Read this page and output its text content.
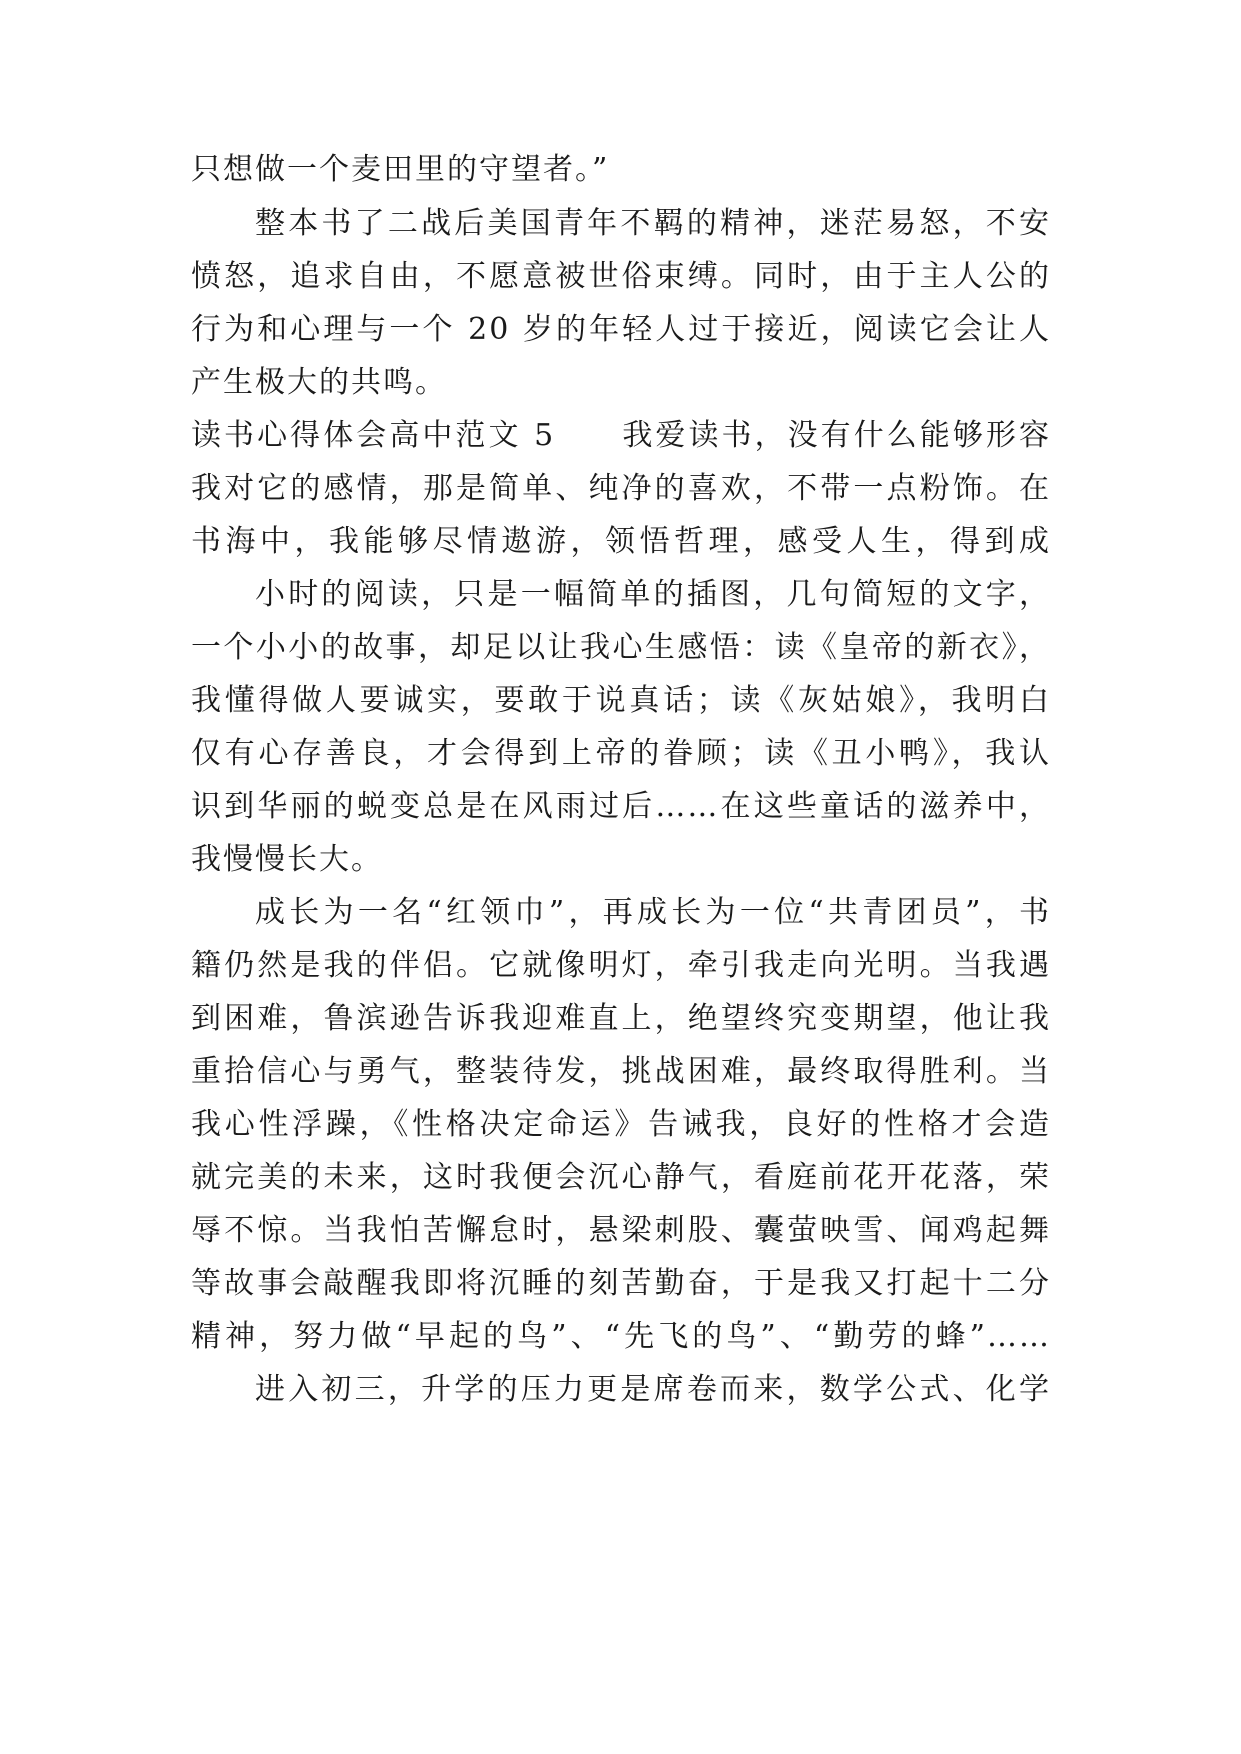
只想做一个麦田里的守望者。”
整本书了二战后美国青年不羁的精神，迷茫易怒，不安
愤怒，追求自由，不愿意被世俗束缚。同时，由于主人公的
行为和心理与一个 20 岁的年轻人过于接近，阅读它会让人
产生极大的共鸣。
读书心得体会高中范文 5　　我爱读书，没有什么能够形容
我对它的感情，那是简单、纯净的喜欢，不带一点粉饰。在
书海中，我能够尽情遨游，领悟哲理，感受人生，得到成
小时的阅读，只是一幅简单的插图，几句简短的文字，
一个小小的故事，却足以让我心生感悟：读《皇帝的新衣》，
我懂得做人要诚实，要敢于说真话；读《灰姑娘》，我明白
仅有心存善良，才会得到上帝的眷顾；读《丑小鸭》，我认
识到华丽的蜕变总是在风雨过后……在这些童话的滋养中，
我慢慢长大。
成长为一名“红领巾”，再成长为一位“共青团员”，书
籍仍然是我的伴侣。它就像明灯，牵引我走向光明。当我遇
到困难，鲁滨逊告诉我迎难直上，绝望终究变期望，他让我
重拾信心与勇气，整装待发，挑战困难，最终取得胜利。当
我心性浮躁，《性格决定命运》告诫我，良好的性格才会造
就完美的未来，这时我便会沉心静气，看庭前花开花落，荣
辱不惊。当我怕苦懈怠时，悬梁刺股、囊萤映雪、闻鸡起舞
等故事会敲醒我即将沉睡的刻苦勤奋，于是我又打起十二分
精神，努力做“早起的鸟”、“先飞的鸟”、“勤劳的蜂”……
进入初三，升学的压力更是席卷而来，数学公式、化学
